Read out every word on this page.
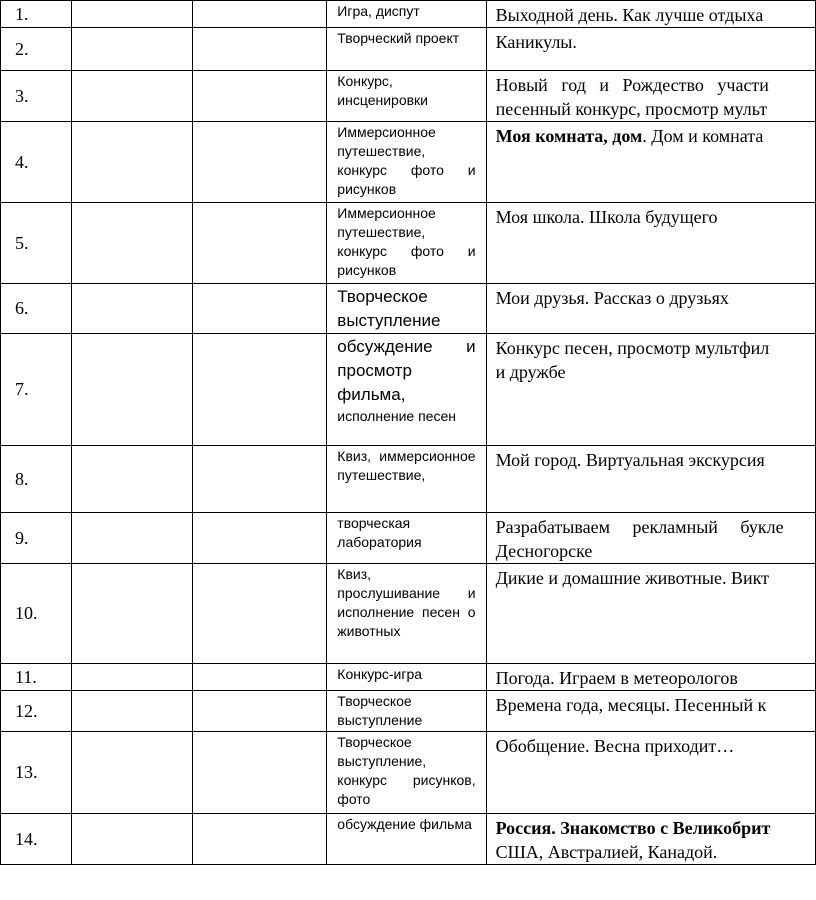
1.			Игра, диспут	Выходной день. Как лучше отдыха
2.			Творческий проект	Каникулы.
3.			Конкурс, инсценировки	Новый год и Рождество участи
песенный конкурс, просмотр мульт

4.			Иммерсионное путешествие, конкурс фото и рисунков	Моя комната, дом. Дом и комната
5.			Иммерсионное путешествие, конкурс фото и рисунков	Моя школа. Школа будущего
6.			Творческое выступление	Мои друзья. Рассказ о друзьях
7.			обсуждение и просмотр фильма,
исполнение песен	Конкурс песен, просмотр мультфил
и дружбе

8.			Квиз, иммерсионное путешествие,	Мой город. Виртуальная экскурсия
9.			творческая лаборатория	Разрабатываем рекламный букле
Десногорске

10.			Квиз, прослушивание и исполнение песен о животных	Дикие и домашние животные. Викт
11.			Конкурс-игра	Погода. Играем в метеорологов
12.			Творческое выступление	Времена года, месяцы. Песенный к
13.			Творческое выступление, конкурс рисунков, фото	Обобщение. Весна приходит…
14.			обсуждение фильма	Россия. Знакомство с Великобрит
США, Австралией, Канадой.
